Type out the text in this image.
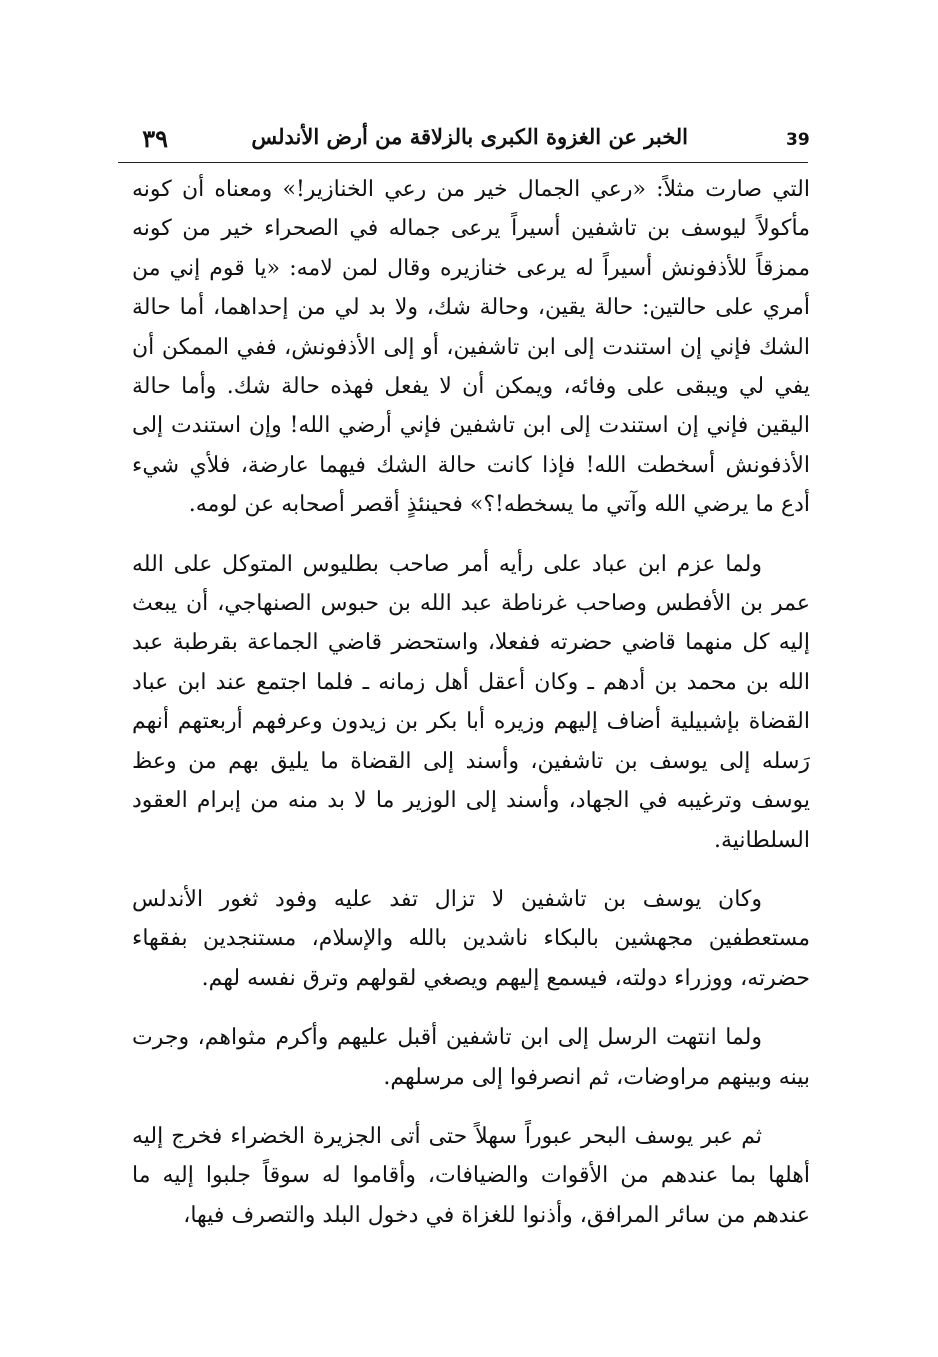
٣٩	الخبر عن الغزوة الكبرى بالزلاقة من أرض الأندلس	39

التي صارت مثلاً: «رعي الجمال خير من رعي الخنازير!» ومعناه أن كونه مأكولاً ليوسف بن تاشفين أسيراً يرعى جماله في الصحراء خير من كونه ممزقاً للأذفونش أسيراً له يرعى خنازيره وقال لمن لامه: «يا قوم إني من أمري على حالتين: حالة يقين، وحالة شك، ولا بد لي من إحداهما، أما حالة الشك فإني إن استندت إلى ابن تاشفين، أو إلى الأذفونش، ففي الممكن أن يفي لي ويبقى على وفائه، ويمكن أن لا يفعل فهذه حالة شك. وأما حالة اليقين فإني إن استندت إلى ابن تاشفين فإني أرضي الله! وإن استندت إلى الأذفونش أسخطت الله! فإذا كانت حالة الشك فيهما عارضة، فلأي شيء أدع ما يرضي الله وآتي ما يسخطه!؟» فحينئذٍ أقصر أصحابه عن لومه.

ولما عزم ابن عباد على رأيه أمر صاحب بطليوس المتوكل على الله عمر بن الأفطس وصاحب غرناطة عبد الله بن حبوس الصنهاجي، أن يبعث إليه كل منهما قاضي حضرته ففعلا، واستحضر قاضي الجماعة بقرطبة عبد الله بن محمد بن أدهم ـ وكان أعقل أهل زمانه ـ فلما اجتمع عند ابن عباد القضاة بإشبيلية أضاف إليهم وزيره أبا بكر بن زيدون وعرفهم أربعتهم أنهم رَسله إلى يوسف بن تاشفين، وأسند إلى القضاة ما يليق بهم من وعظ يوسف وترغيبه في الجهاد، وأسند إلى الوزير ما لا بد منه من إبرام العقود السلطانية.

وكان يوسف بن تاشفين لا تزال تفد عليه وفود ثغور الأندلس مستعطفين مجهشين بالبكاء ناشدين بالله والإسلام، مستنجدين بفقهاء حضرته، ووزراء دولته، فيسمع إليهم ويصغي لقولهم وترق نفسه لهم.

ولما انتهت الرسل إلى ابن تاشفين أقبل عليهم وأكرم مثواهم، وجرت بينه وبينهم مراوضات، ثم انصرفوا إلى مرسلهم.

ثم عبر يوسف البحر عبوراً سهلاً حتى أتى الجزيرة الخضراء فخرج إليه أهلها بما عندهم من الأقوات والضيافات، وأقاموا له سوقاً جلبوا إليه ما عندهم من سائر المرافق، وأذنوا للغزاة في دخول البلد والتصرف فيها،
